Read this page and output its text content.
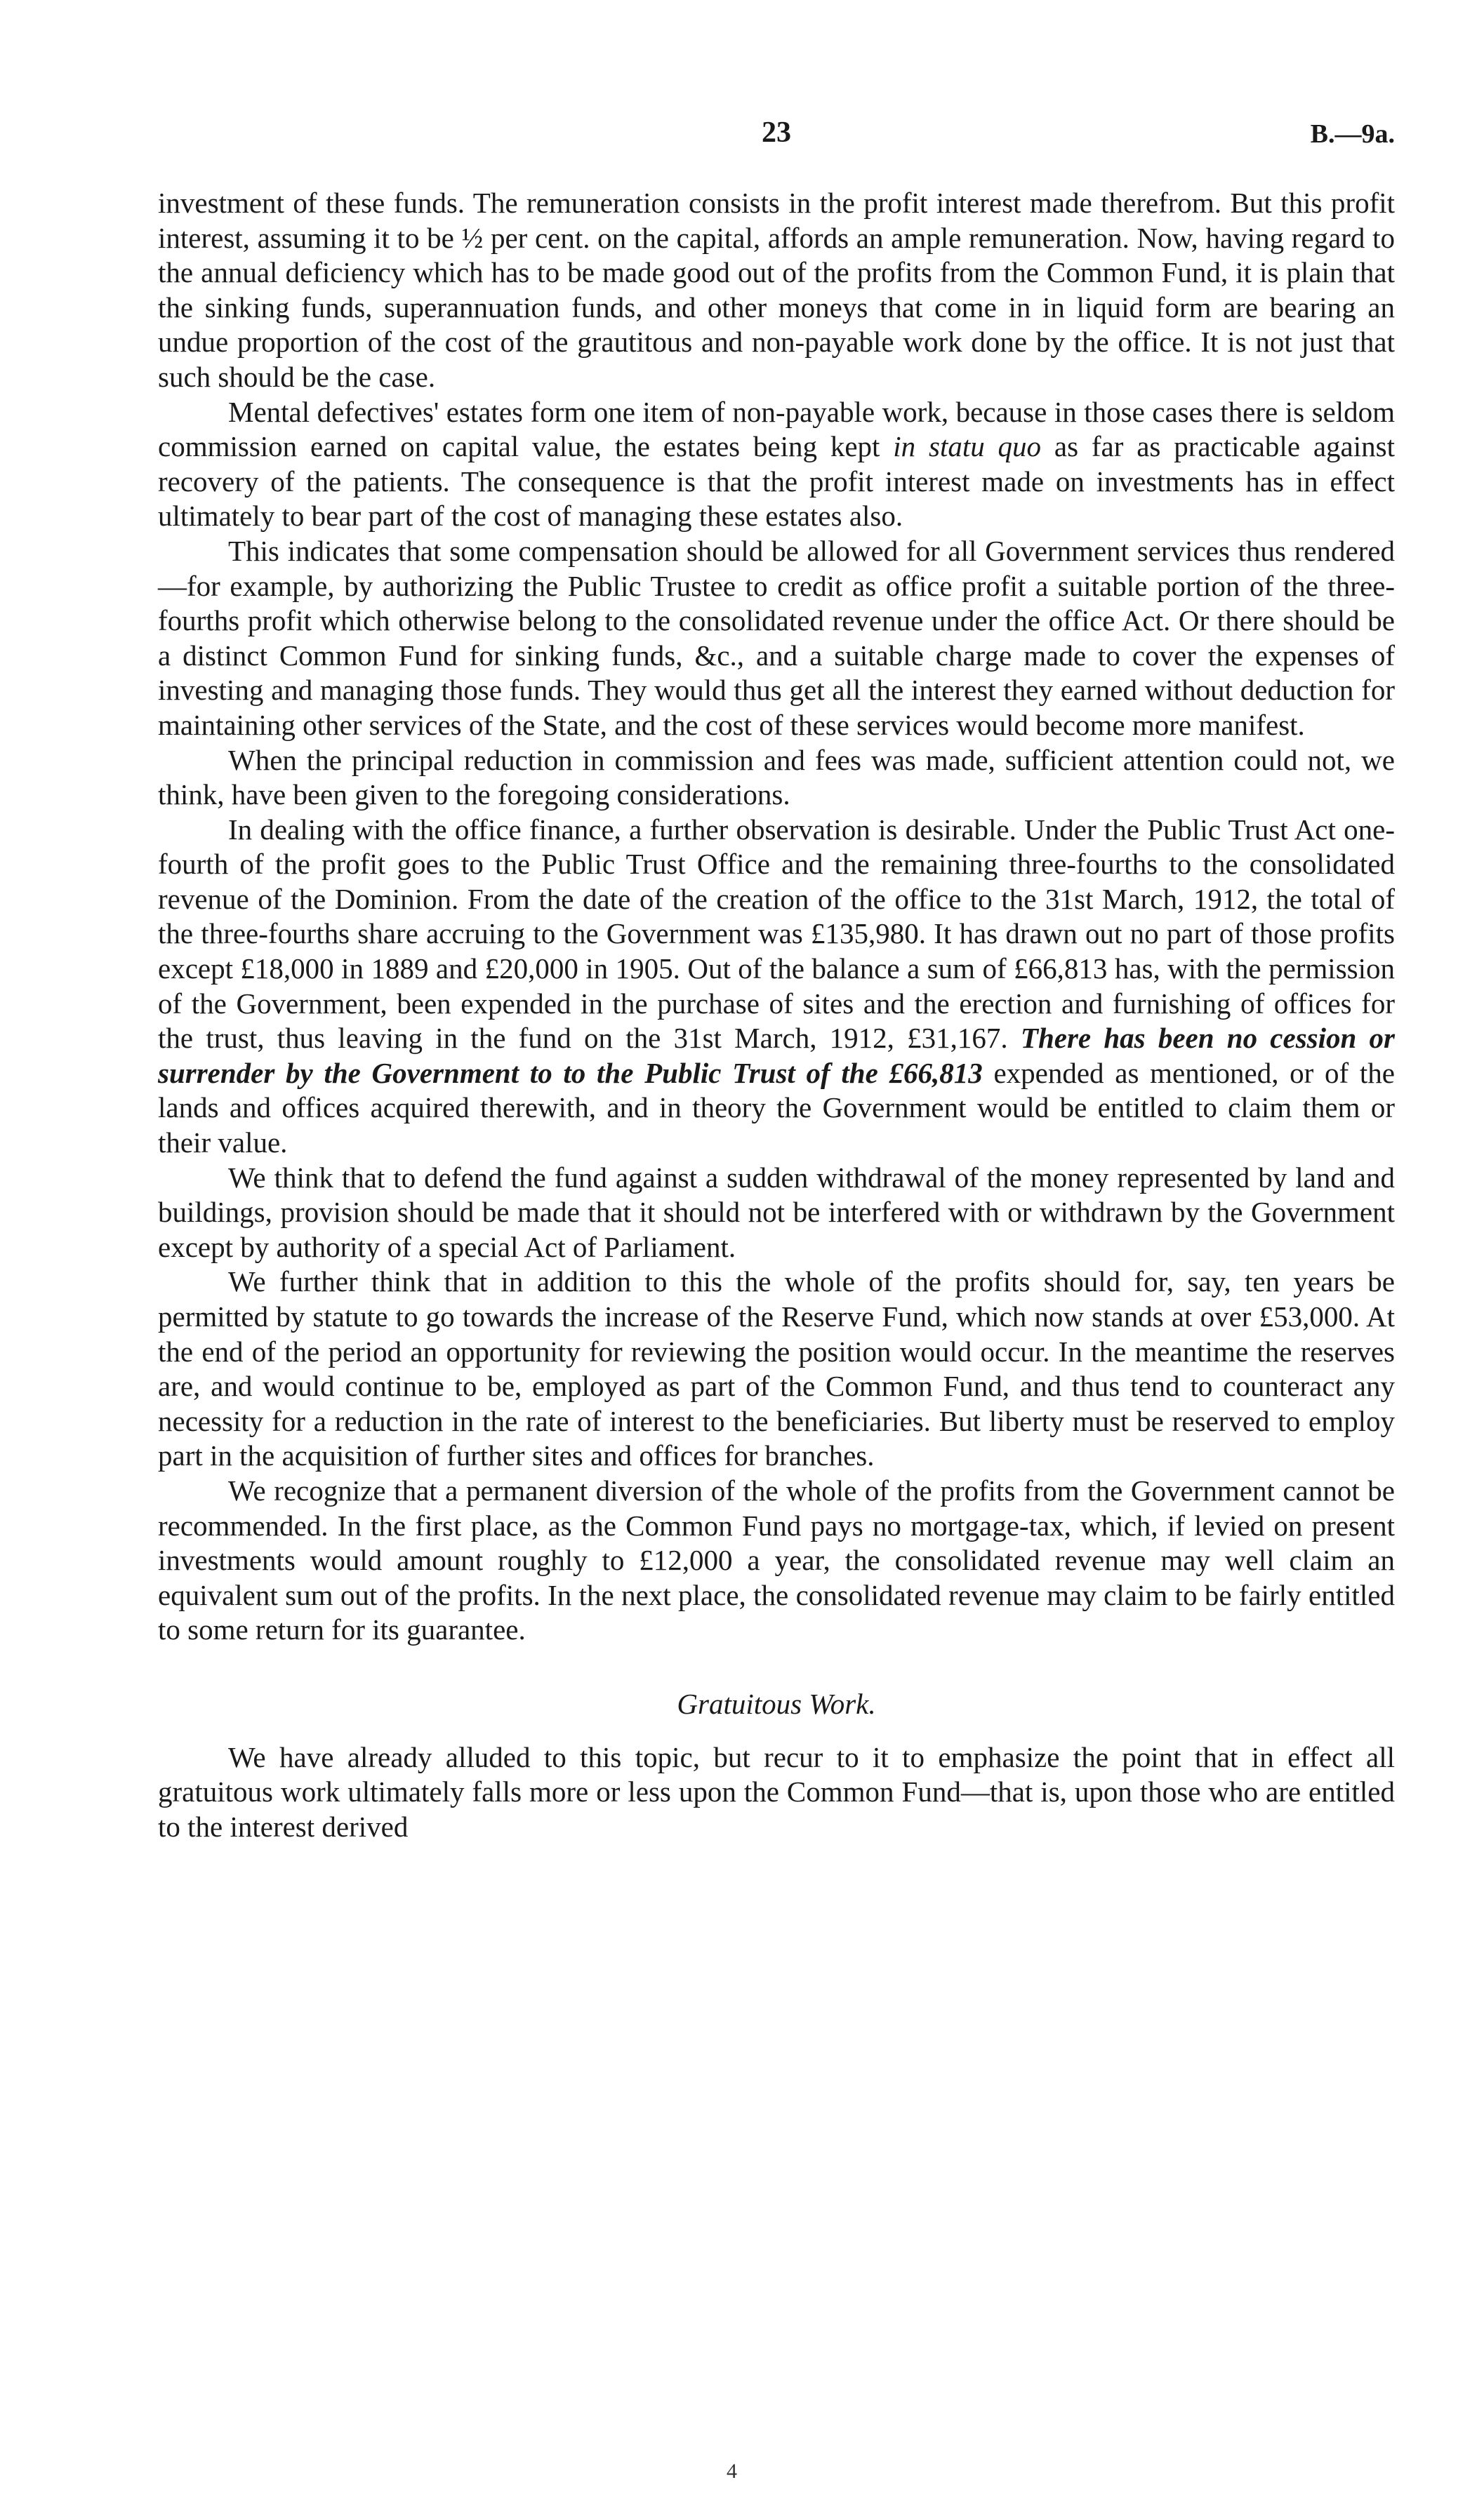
23	B.—9a.

investment of these funds. The remuneration consists in the profit interest made therefrom. But this profit interest, assuming it to be ½ per cent. on the capital, affords an ample remuneration. Now, having regard to the annual deficiency which has to be made good out of the profits from the Common Fund, it is plain that the sinking funds, superannuation funds, and other moneys that come in in liquid form are bearing an undue proportion of the cost of the grautitous and non-payable work done by the office. It is not just that such should be the case.

Mental defectives' estates form one item of non-payable work, because in those cases there is seldom commission earned on capital value, the estates being kept in statu quo as far as practicable against recovery of the patients. The consequence is that the profit interest made on investments has in effect ultimately to bear part of the cost of managing these estates also.

This indicates that some compensation should be allowed for all Government services thus rendered—for example, by authorizing the Public Trustee to credit as office profit a suitable portion of the three-fourths profit which otherwise belong to the consolidated revenue under the office Act. Or there should be a distinct Common Fund for sinking funds, &c., and a suitable charge made to cover the expenses of investing and managing those funds. They would thus get all the interest they earned without deduction for maintaining other services of the State, and the cost of these services would become more manifest.

When the principal reduction in commission and fees was made, sufficient attention could not, we think, have been given to the foregoing considerations.

In dealing with the office finance, a further observation is desirable. Under the Public Trust Act one-fourth of the profit goes to the Public Trust Office and the remaining three-fourths to the consolidated revenue of the Dominion. From the date of the creation of the office to the 31st March, 1912, the total of the three-fourths share accruing to the Government was £135,980. It has drawn out no part of those profits except £18,000 in 1889 and £20,000 in 1905. Out of the balance a sum of £66,813 has, with the permission of the Government, been expended in the purchase of sites and the erection and furnishing of offices for the trust, thus leaving in the fund on the 31st March, 1912, £31,167. There has been no cession or surrender by the Government to to the Public Trust of the £66,813 expended as mentioned, or of the lands and offices acquired therewith, and in theory the Government would be entitled to claim them or their value.

We think that to defend the fund against a sudden withdrawal of the money represented by land and buildings, provision should be made that it should not be interfered with or withdrawn by the Government except by authority of a special Act of Parliament.

We further think that in addition to this the whole of the profits should for, say, ten years be permitted by statute to go towards the increase of the Reserve Fund, which now stands at over £53,000. At the end of the period an opportunity for reviewing the position would occur. In the meantime the reserves are, and would continue to be, employed as part of the Common Fund, and thus tend to counteract any necessity for a reduction in the rate of interest to the beneficiaries. But liberty must be reserved to employ part in the acquisition of further sites and offices for branches.

We recognize that a permanent diversion of the whole of the profits from the Government cannot be recommended. In the first place, as the Common Fund pays no mortgage-tax, which, if levied on present investments would amount roughly to £12,000 a year, the consolidated revenue may well claim an equivalent sum out of the profits. In the next place, the consolidated revenue may claim to be fairly entitled to some return for its guarantee.

Gratuitous Work.

We have already alluded to this topic, but recur to it to emphasize the point that in effect all gratuitous work ultimately falls more or less upon the Common Fund—that is, upon those who are entitled to the interest derived

4
